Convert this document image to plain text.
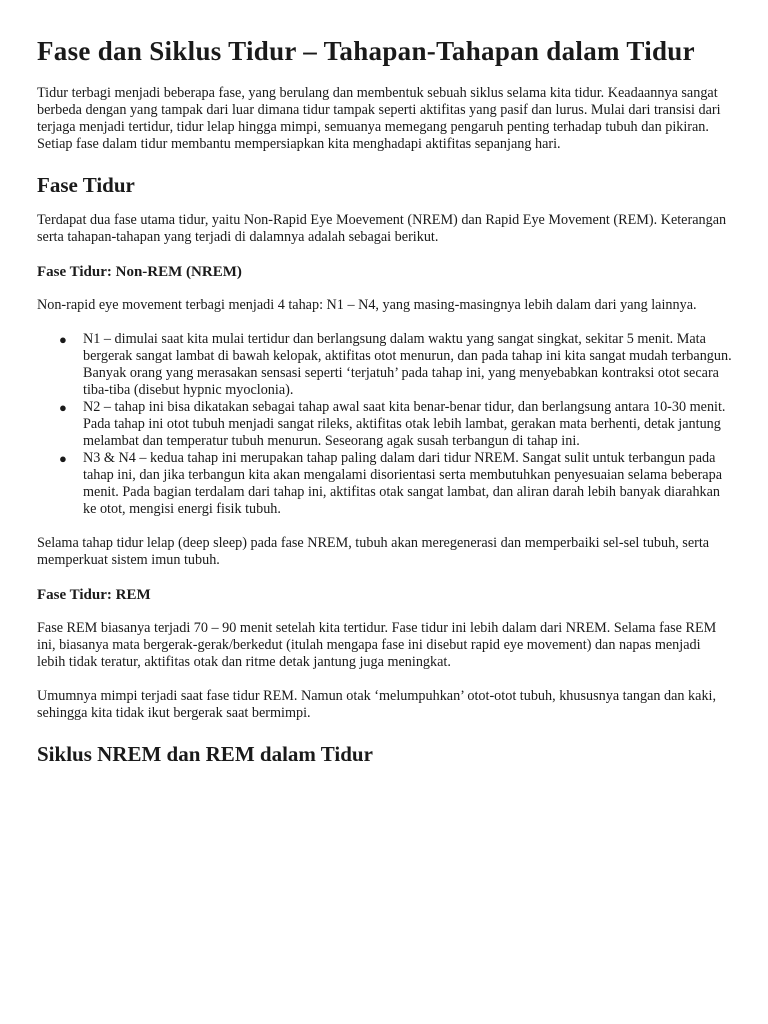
Fase dan Siklus Tidur – Tahapan-Tahapan dalam Tidur

Tidur terbagi menjadi beberapa fase, yang berulang dan membentuk sebuah siklus selama kita tidur. Keadaannya sangat berbeda dengan yang tampak dari luar dimana tidur tampak seperti aktifitas yang pasif dan lurus. Mulai dari transisi dari terjaga menjadi tertidur, tidur lelap hingga mimpi, semuanya memegang pengaruh penting terhadap tubuh dan pikiran. Setiap fase dalam tidur membantu mempersiapkan kita menghadapi aktifitas sepanjang hari.

Fase Tidur

Terdapat dua fase utama tidur, yaitu Non-Rapid Eye Moevement (NREM) dan Rapid Eye Movement (REM). Keterangan serta tahapan-tahapan yang terjadi di dalamnya adalah sebagai berikut.

Fase Tidur: Non-REM (NREM)

Non-rapid eye movement terbagi menjadi 4 tahap: N1 – N4, yang masing-masingnya lebih dalam dari yang lainnya.

● N1 – dimulai saat kita mulai tertidur dan berlangsung dalam waktu yang sangat singkat, sekitar 5 menit. Mata bergerak sangat lambat di bawah kelopak, aktifitas otot menurun, dan pada tahap ini kita sangat mudah terbangun. Banyak orang yang merasakan sensasi seperti ‘terjatuh’ pada tahap ini, yang menyebabkan kontraksi otot secara tiba-tiba (disebut hypnic myoclonia).
● N2 – tahap ini bisa dikatakan sebagai tahap awal saat kita benar-benar tidur, dan berlangsung antara 10-30 menit. Pada tahap ini otot tubuh menjadi sangat rileks, aktifitas otak lebih lambat, gerakan mata berhenti, detak jantung melambat dan temperatur tubuh menurun. Seseorang agak susah terbangun di tahap ini.
● N3 & N4 – kedua tahap ini merupakan tahap paling dalam dari tidur NREM. Sangat sulit untuk terbangun pada tahap ini, dan jika terbangun kita akan mengalami disorientasi serta membutuhkan penyesuaian selama beberapa menit. Pada bagian terdalam dari tahap ini, aktifitas otak sangat lambat, dan aliran darah lebih banyak diarahkan ke otot, mengisi energi fisik tubuh.

Selama tahap tidur lelap (deep sleep) pada fase NREM, tubuh akan meregenerasi dan memperbaiki sel-sel tubuh, serta memperkuat sistem imun tubuh.

Fase Tidur: REM

Fase REM biasanya terjadi 70 – 90 menit setelah kita tertidur. Fase tidur ini lebih dalam dari NREM. Selama fase REM ini, biasanya mata bergerak-gerak/berkedut (itulah mengapa fase ini disebut rapid eye movement) dan napas menjadi lebih tidak teratur, aktifitas otak dan ritme detak jantung juga meningkat.

Umumnya mimpi terjadi saat fase tidur REM. Namun otak ‘melumpuhkan’ otot-otot tubuh, khususnya tangan dan kaki, sehingga kita tidak ikut bergerak saat bermimpi.

Siklus NREM dan REM dalam Tidur
